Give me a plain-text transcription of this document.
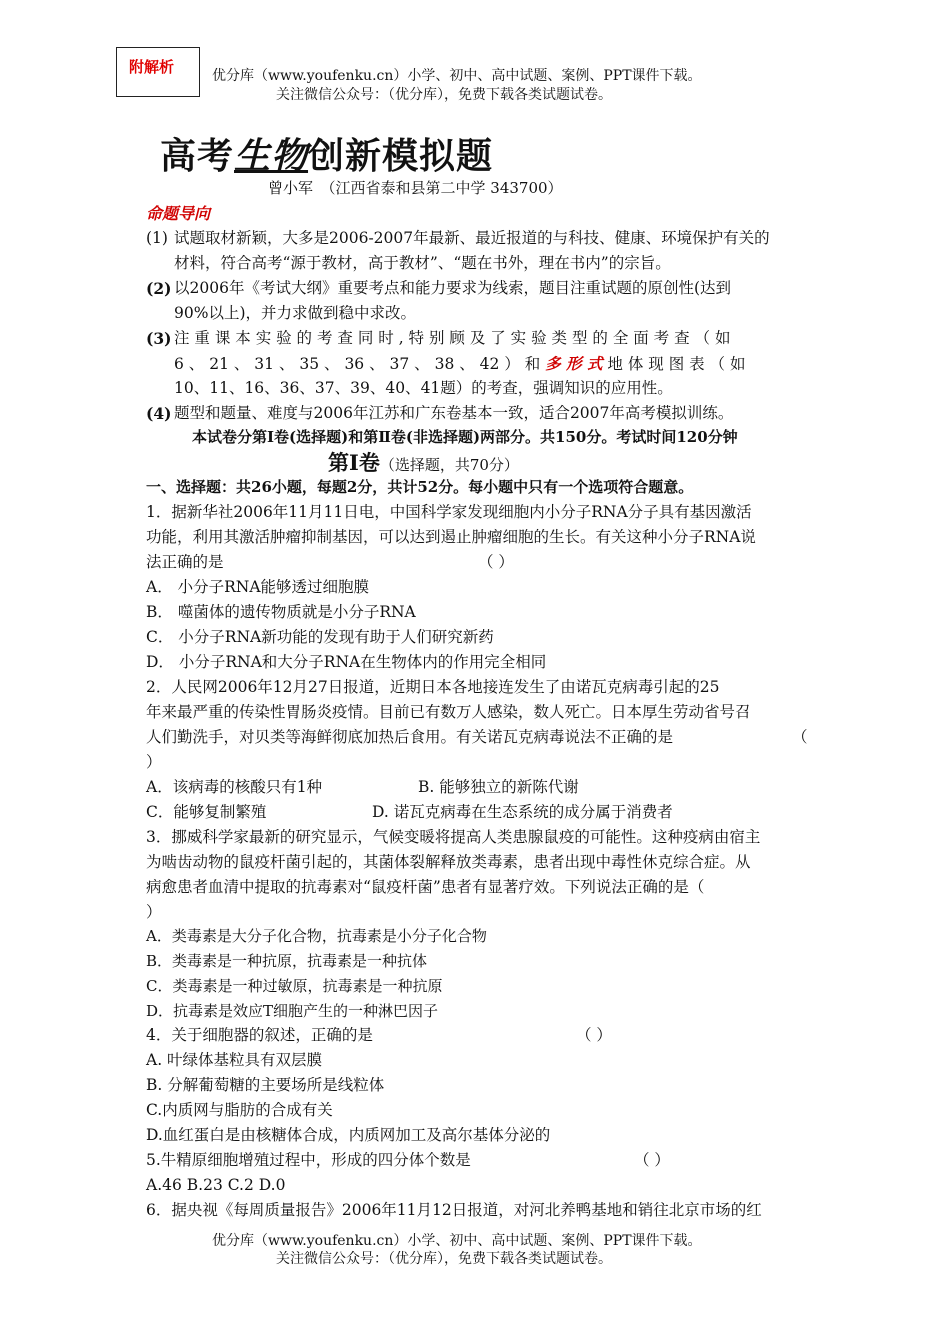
附解析	优分库（www.youfenku.cn）小学、初中、高中试题、案例、PPT课件下载。
关注微信公众号：（优分库），免费下载各类试题试卷。
高考生物创新模拟题
曾小军　（江西省泰和县第二中学 343700）
命题导向
(1) 试题取材新颖，大多是2006-2007年最新、最近报道的与科技、健康、环境保护有关的
材料，符合高考“源于教材，高于教材”、“题在书外，理在书内”的宗旨。
(2) 以2006年《考试大纲》重要考点和能力要求为线索，题目注重试题的原创性(达到
90%以上)，并力求做到稳中求改。
(3) 注 重 课 本 实 验 的 考 查 同 时 , 特 别 顾 及 了 实 验 类 型 的 全 面 考 查 （ 如
6 、 21 、 31 、 35 、 36 、 37 、 38 、 42 ） 和 多 形 式 地 体 现 图 表 （ 如
10、11、16、36、37、39、40、41题）的考查，强调知识的应用性。
(4) 题型和题量、难度与2006年江苏和广东卷基本一致，适合2007年高考模拟训练。
本试卷分第Ⅰ卷(选择题)和第Ⅱ卷(非选择题)两部分。共150分。考试时间120分钟
第Ⅰ卷（选择题，共70分）
一、选择题：共26小题，每题2分，共计52分。每小题中只有一个选项符合题意。
1．据新华社2006年11月11日电，中国科学家发现细胞内小分子RNA分子具有基因激活
功能，利用其激活肿瘤抑制基因，可以达到遏止肿瘤细胞的生长。有关这种小分子RNA说
法正确的是	（ ）
A． 小分子RNA能够透过细胞膜
B． 噬菌体的遗传物质就是小分子RNA
C． 小分子RNA新功能的发现有助于人们研究新药
D． 小分子RNA和大分子RNA在生物体内的作用完全相同
2．人民网2006年12月27日报道，近期日本各地接连发生了由诺瓦克病毒引起的25
年来最严重的传染性胃肠炎疫情。目前已有数万人感染，数人死亡。日本厚生劳动省号召
人们勤洗手，对贝类等海鲜彻底加热后食用。有关诺瓦克病毒说法不正确的是	（
）
A．该病毒的核酸只有1种	B. 能够独立的新陈代谢
C．能够复制繁殖	D. 诺瓦克病毒在生态系统的成分属于消费者
3．挪威科学家最新的研究显示，气候变暖将提高人类患腺鼠疫的可能性。这种疫病由宿主
为啮齿动物的鼠疫杆菌引起的，其菌体裂解释放类毒素，患者出现中毒性休克综合症。从
病愈患者血清中提取的抗毒素对“鼠疫杆菌”患者有显著疗效。下列说法正确的是（
）
A．类毒素是大分子化合物，抗毒素是小分子化合物
B．类毒素是一种抗原，抗毒素是一种抗体
C．类毒素是一种过敏原，抗毒素是一种抗原
D．抗毒素是效应T细胞产生的一种淋巴因子
4．关于细胞器的叙述，正确的是	（ ）
A. 叶绿体基粒具有双层膜
B. 分解葡萄糖的主要场所是线粒体
C.内质网与脂肪的合成有关
D.血红蛋白是由核糖体合成，内质网加工及高尔基体分泌的
5.牛精原细胞增殖过程中，形成的四分体个数是	（ ）
A.46 B.23 C.2 D.0
6．据央视《每周质量报告》2006年11月12日报道，对河北养鸭基地和销往北京市场的红
优分库（www.youfenku.cn）小学、初中、高中试题、案例、PPT课件下载。
关注微信公众号：（优分库），免费下载各类试题试卷。
